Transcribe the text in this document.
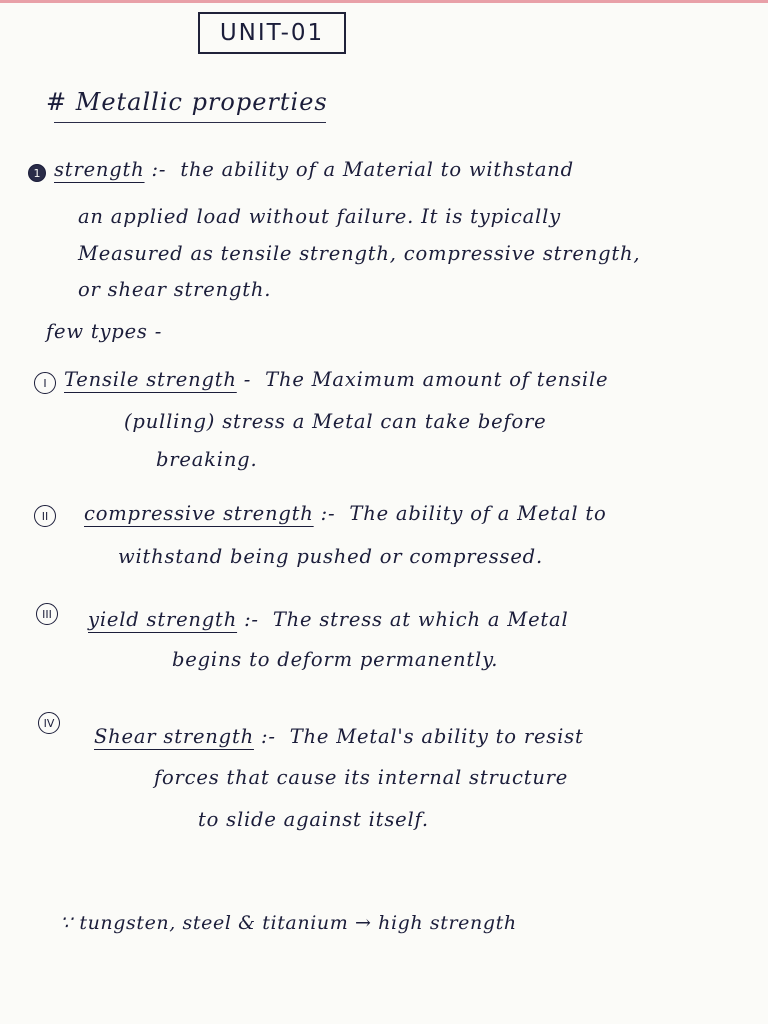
UNIT-01
# Metallic properties
1 strength :- the ability of a Material to withstand
an applied load without failure. It is typically
Measured as tensile strength, compressive strength,
or shear strength.
few types -
I Tensile strength - The Maximum amount of tensile
(pulling) stress a Metal can take before
breaking.
II compressive strength :- The ability of a Metal to
withstand being pushed or compressed.
III yield strength :- The stress at which a Metal
begins to deform permanently.
IV
Shear strength :- The Metal's ability to resist
forces that cause its internal structure
to slide against itself.
∵ tungsten, steel & titanium → high strength
